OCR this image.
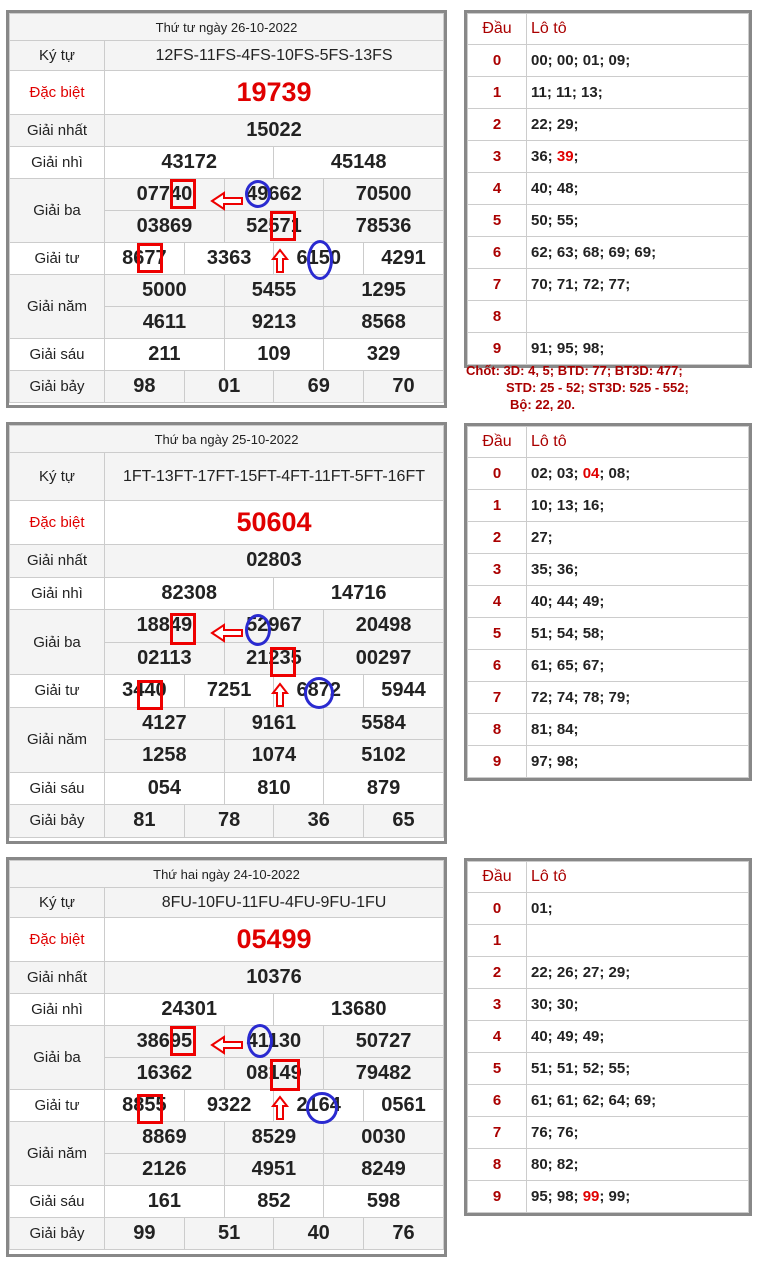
Thứ tư ngày 26-10-2022						
Ký tự	12FS-11FS-4FS-10FS-5FS-13FS					
Đặc biệt	19739					
Giải nhất	15022					
Giải nhì	43172			45148		
Giải ba	07740		49662		70500	
	03869		52571		78536	
Giải tư	8677	3363		6150		4291
Giải năm	5000		5455		1295	
	4611		9213		8568	
Giải sáu	211		109		329	
Giải bảy	98	01		69		70
Thứ ba ngày 25-10-2022						
Ký tự	1FT-13FT-17FT-15FT-4FT-11FT-5FT-16FT					
Đặc biệt	50604					
Giải nhất	02803					
Giải nhì	82308			14716		
Giải ba	18849		52967		20498	
	02113		21235		00297	
Giải tư	3440	7251		6872		5944
Giải năm	4127		9161		5584	
	1258		1074		5102	
Giải sáu	054		810		879	
Giải bảy	81	78		36		65
Thứ hai ngày 24-10-2022						
Ký tự	8FU-10FU-11FU-4FU-9FU-1FU					
Đặc biệt	05499					
Giải nhất	10376					
Giải nhì	24301			13680		
Giải ba	38695		41130		50727	
	16362		08149		79482	
Giải tư	8855	9322		2164		0561
Giải năm	8869		8529		0030	
	2126		4951		8249	
Giải sáu	161		852		598	
Giải bảy	99	51		40		76
Đầu	Lô tô
0	00; 00; 01; 09;
1	11; 11; 13;
2	22; 29;
3	36; 39;
4	40; 48;
5	50; 55;
6	62; 63; 68; 69; 69;
7	70; 71; 72; 77;
8	
9	91; 95; 98;
Đầu	Lô tô
0	02; 03; 04; 08;
1	10; 13; 16;
2	27;
3	35; 36;
4	40; 44; 49;
5	51; 54; 58;
6	61; 65; 67;
7	72; 74; 78; 79;
8	81; 84;
9	97; 98;
Đầu	Lô tô
0	01;
1	
2	22; 26; 27; 29;
3	30; 30;
4	40; 49; 49;
5	51; 51; 52; 55;
6	61; 61; 62; 64; 69;
7	76; 76;
8	80; 82;
9	95; 98; 99; 99;
Chốt: 3D: 4, 5; BTD: 77; BT3D: 477;
STD: 25 - 52; ST3D: 525 - 552;
Bộ: 22, 20.
